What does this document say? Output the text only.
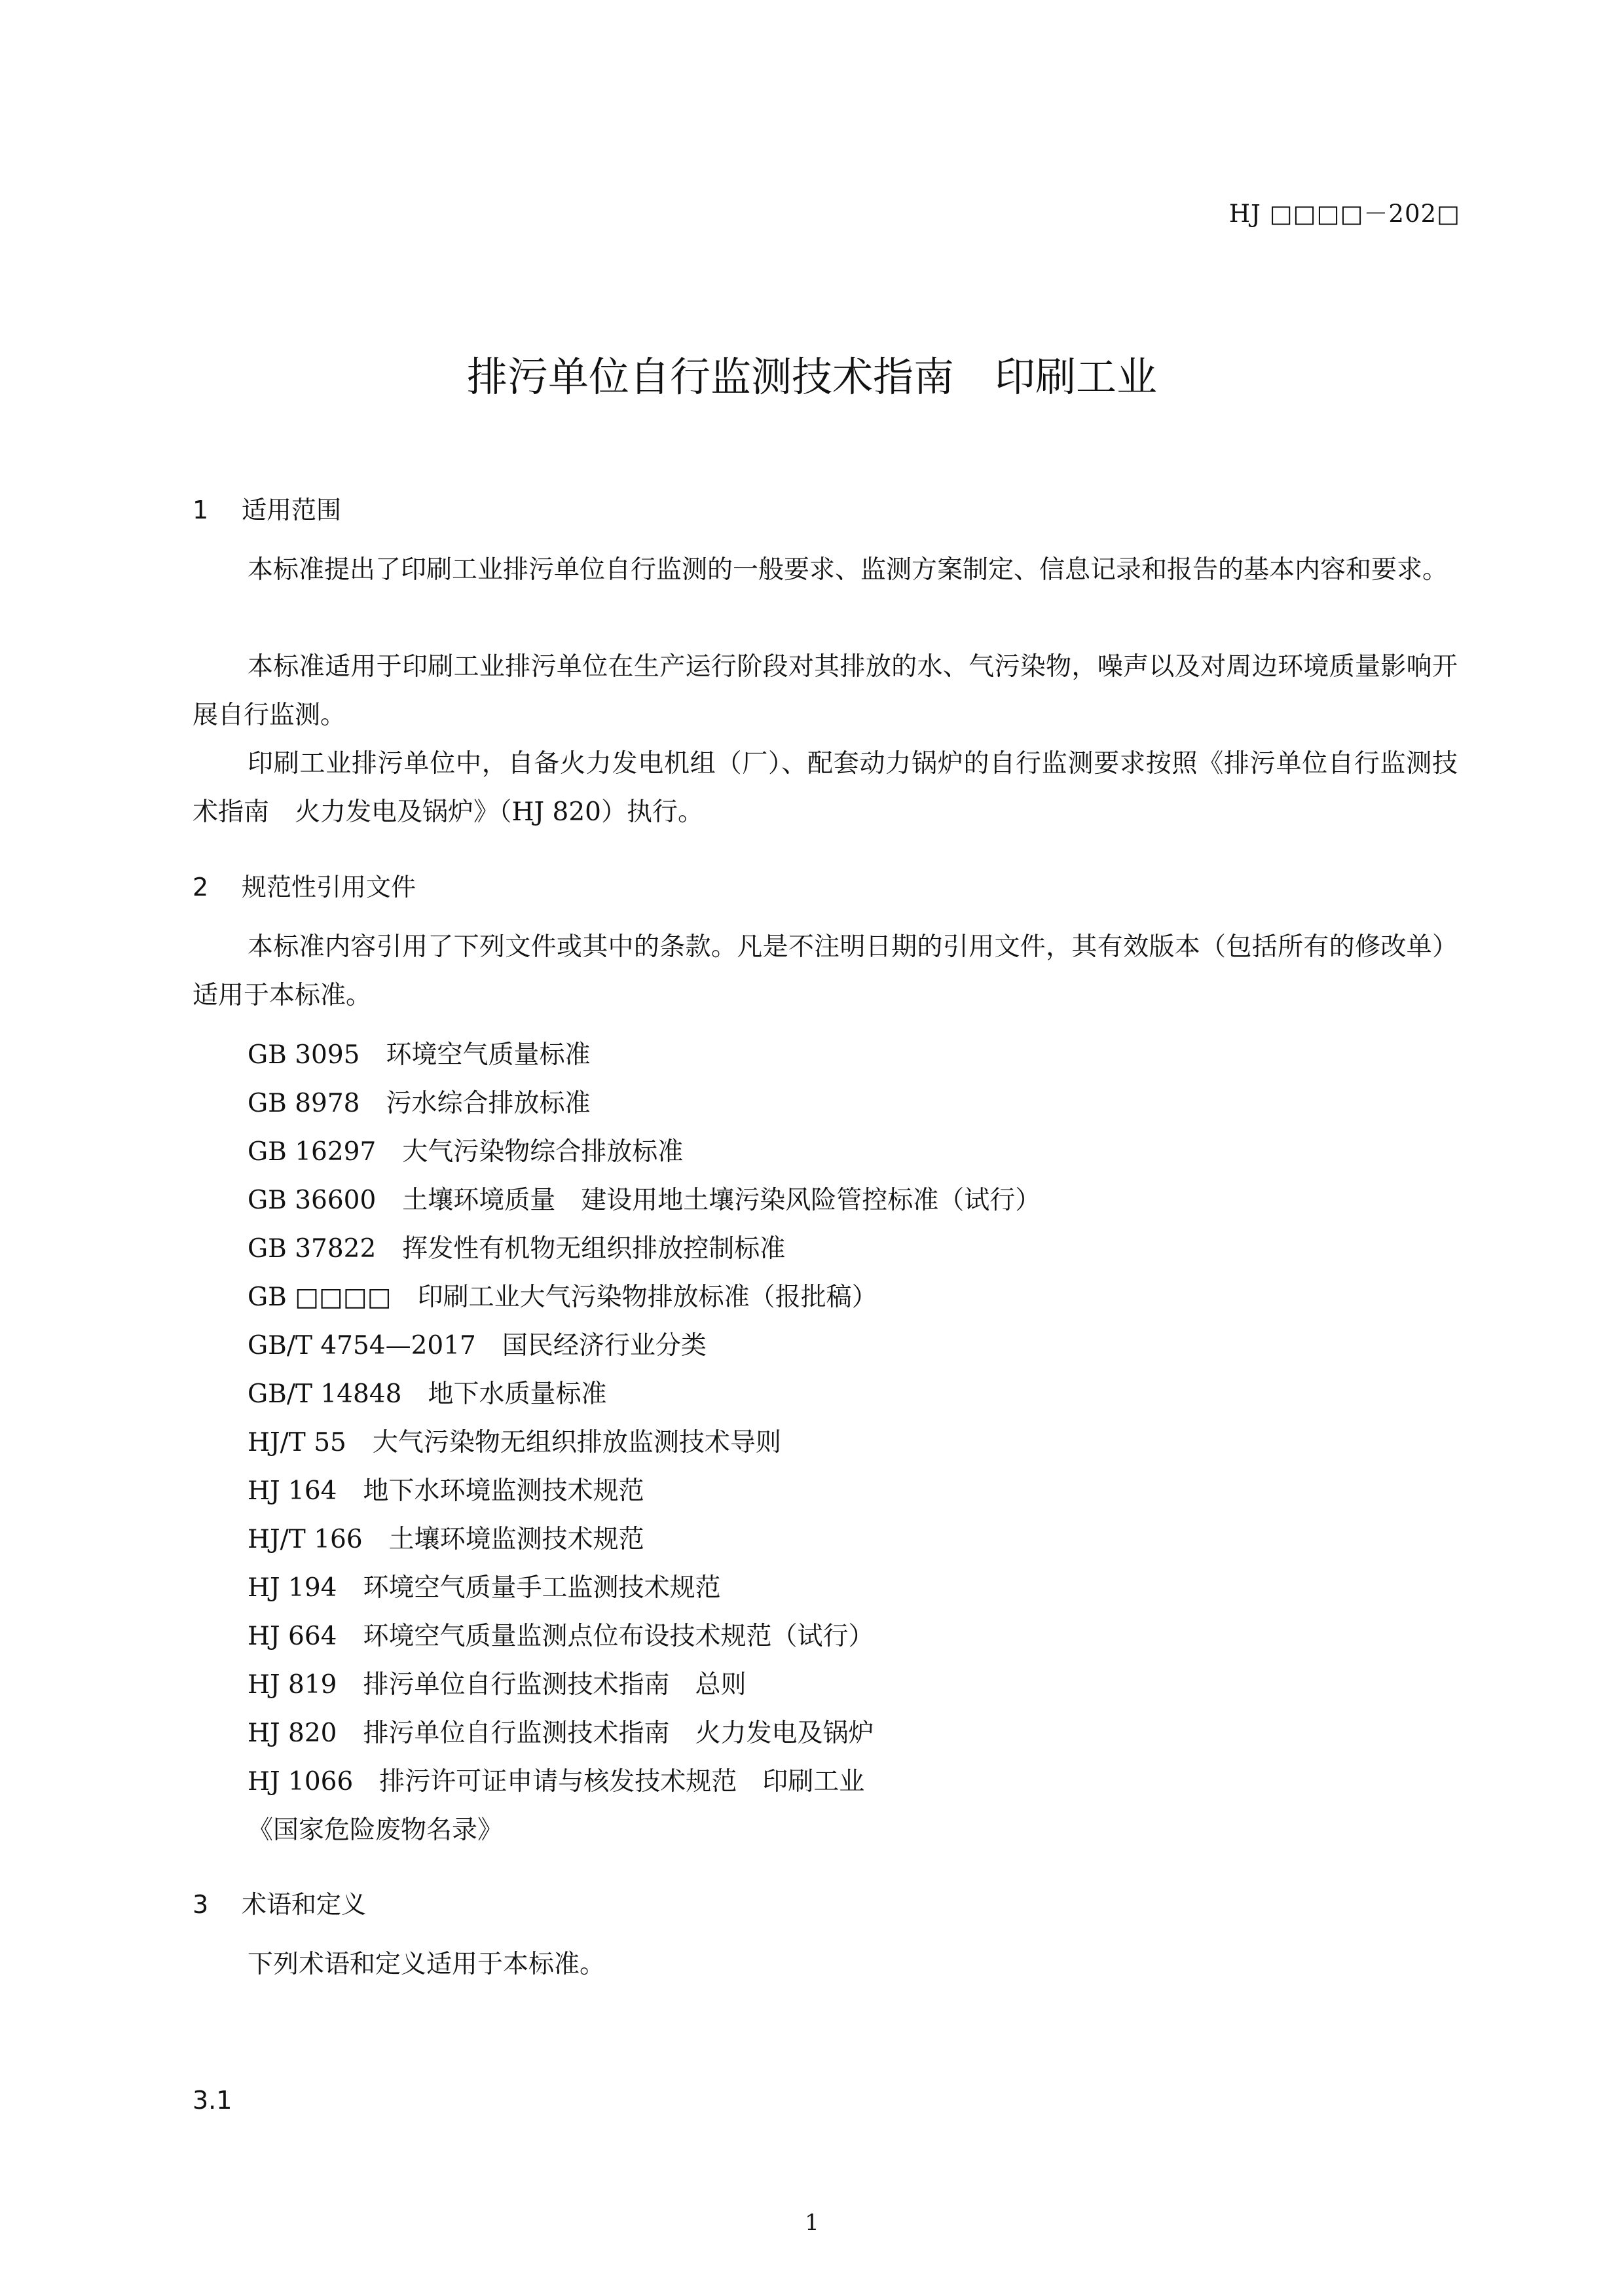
HJ □□□□－202□
排污单位自行监测技术指南　印刷工业
1 适用范围
本标准提出了印刷工业排污单位自行监测的一般要求、监测方案制定、信息记录和报告的基本内容和要求。
本标准适用于印刷工业排污单位在生产运行阶段对其排放的水、气污染物，噪声以及对周边环境质量影响开展自行监测。
印刷工业排污单位中，自备火力发电机组（厂）、配套动力锅炉的自行监测要求按照《排污单位自行监测技术指南　火力发电及锅炉》（HJ 820）执行。
2 规范性引用文件
本标准内容引用了下列文件或其中的条款。凡是不注明日期的引用文件，其有效版本（包括所有的修改单）适用于本标准。
GB 3095 环境空气质量标准
GB 8978 污水综合排放标准
GB 16297 大气污染物综合排放标准
GB 36600 土壤环境质量　建设用地土壤污染风险管控标准（试行）
GB 37822 挥发性有机物无组织排放控制标准
GB □□□□ 印刷工业大气污染物排放标准（报批稿）
GB/T 4754—2017 国民经济行业分类
GB/T 14848 地下水质量标准
HJ/T 55 大气污染物无组织排放监测技术导则
HJ 164 地下水环境监测技术规范
HJ/T 166 土壤环境监测技术规范
HJ 194 环境空气质量手工监测技术规范
HJ 664 环境空气质量监测点位布设技术规范（试行）
HJ 819 排污单位自行监测技术指南　总则
HJ 820 排污单位自行监测技术指南　火力发电及锅炉
HJ 1066 排污许可证申请与核发技术规范　印刷工业
《国家危险废物名录》
3 术语和定义
下列术语和定义适用于本标准。
3.1
1
